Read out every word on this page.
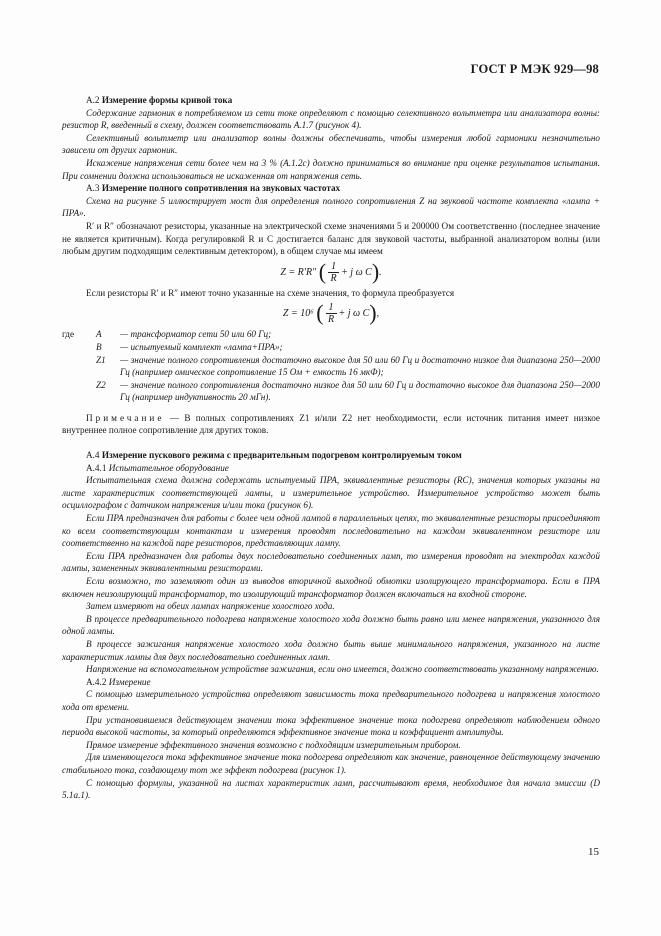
ГОСТ Р МЭК 929—98

А.2 Измерение формы кривой тока

Содержание гармоник в потребляемом из сети токе определяют с помощью селективного вольтметра или анализатора волны: резистор R, введенный в схему, должен соответствовать А.1.7 (рисунок 4).

Селективный вольтметр или анализатор волны должны обеспечивать, чтобы измерения любой гармоники незначительно зависели от других гармоник.

Искажение напряжения сети более чем на 3 % (А.1.2с) должно приниматься во внимание при оценке результатов испытания. При сомнении должна использоваться не искаженная от напряжения сеть.

А.3 Измерение полного сопротивления на звуковых частотах

Схема на рисунке 5 иллюстрирует мост для определения полного сопротивления Z на звуковой частоте комплекта «лампа + ПРА».

R′ и R″ обозначают резисторы, указанные на электрической схеме значениями 5 и 200000 Ом соответственно (последнее значение не является критичным). Когда регулировкой R и C достигается баланс для звуковой частоты, выбранной анализатором волны (или любым другим подходящим селективным детектором), в общем случае мы имеем

Z = R′R″ ( $\frac{1}{R} + j$ ω C).

Если резисторы R′ и R″ имеют точно указанные на схеме значения, то формула преобразуется

Z = 10⁶ ( $\frac{1}{R} + j$ ω C),
где	A	— трансформатор сети 50 или 60 Гц;
B	— испытуемый комплект «лампа+ПРА»;
Z1	— значение полного сопротивления достаточно высокое для 50 или 60 Гц и достаточно низкое для диапазона 250—2000 Гц (например омическое сопротивление 15 Ом + емкость 16 мкФ);
Z2	— значение полного сопротивления достаточно низкое для 50 или 60 Гц и достаточно высокое для диапазона 250—2000 Гц (например индуктивность 20 мГн).

Примечание — В полных сопротивлениях Z1 и/или Z2 нет необходимости, если источник питания имеет низкое внутреннее полное сопротивление для других токов.

А.4 Измерение пускового режима с предварительным подогревом контролируемым током

А.4.1 Испытательное оборудование

Испытательная схема должна содержать испытуемый ПРА, эквивалентные резисторы (RC), значения которых указаны на листе характеристик соответствующей лампы, и измерительное устройство. Измерительное устройство может быть осциллографом с датчиком напряжения и/или тока (рисунок 6).

Если ПРА предназначен для работы с более чем одной лампой в параллельных цепях, то эквивалентные резисторы присоединяют ко всем соответствующим контактам и измерения проводят последовательно на каждом эквивалентном резисторе или соответственно на каждой паре резисторов, представляющих лампу.

Если ПРА предназначен для работы двух последовательно соединенных ламп, то измерения проводят на электродах каждой лампы, замененных эквивалентными резисторами.

Если возможно, то заземляют один из выводов вторичной выходной обмотки изолирующего трансформатора. Если в ПРА включен неизолирующий трансформатор, то изолирующий трансформатор должен включаться на входной стороне.

Затем измеряют на обеих лампах напряжение холостого хода.

В процессе предварительного подогрева напряжение холостого хода должно быть равно или менее напряжения, указанного для одной лампы.

В процессе зажигания напряжение холостого хода должно быть выше минимального напряжения, указанного на листе характеристик лампы для двух последовательно соединенных ламп.

Напряжение на вспомогательном устройстве зажигания, если оно имеется, должно соответствовать указанному напряжению.

А.4.2 Измерение

С помощью измерительного устройства определяют зависимость тока предварительного подогрева и напряжения холостого хода от времени.

При установившемся действующем значении тока эффективное значение тока подогрева определяют наблюдением одного периода высокой частоты, за который определяются эффективное значение тока и коэффициент амплитуды.

Прямое измерение эффективного значения возможно с подходящим измерительным прибором.

Для изменяющегося тока эффективное значение тока подогрева определяют как значение, равноценное действующему значению стабильного тока, создающему тот же эффект подогрева (рисунок 1).

С помощью формулы, указанной на листах характеристик ламп, рассчитывают время, необходимое для начала эмиссии (D 5.1а.1).

15
